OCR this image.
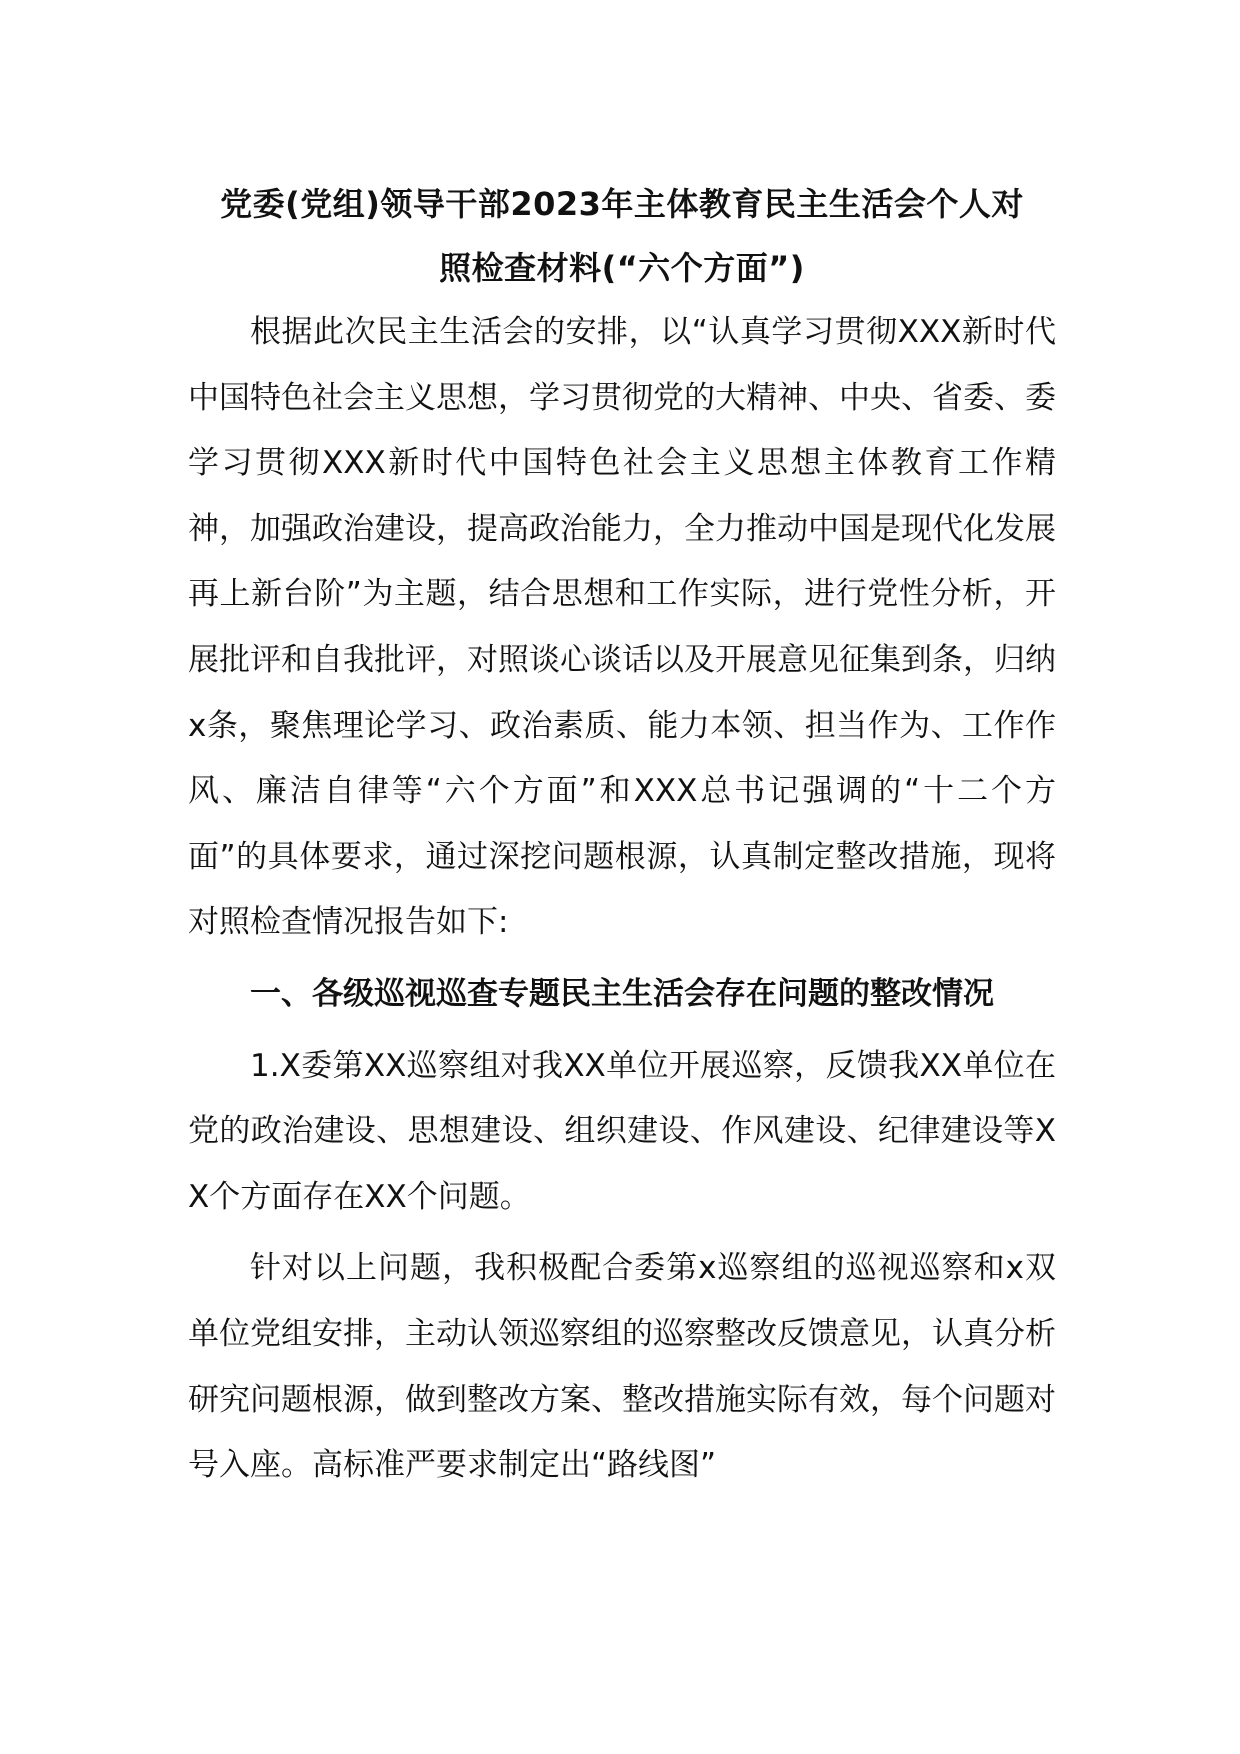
党委(党组)领导干部2023年主体教育民主生活会个人对

照检查材料(“六个方面”)

根据此次民主生活会的安排，以“认真学习贯彻XXX新时代中国特色社会主义思想，学习贯彻党的大精神、中央、省委、委学习贯彻XXX新时代中国特色社会主义思想主体教育工作精神，加强政治建设，提高政治能力，全力推动中国是现代化发展再上新台阶”为主题，结合思想和工作实际，进行党性分析，开展批评和自我批评，对照谈心谈话以及开展意见征集到条，归纳x条，聚焦理论学习、政治素质、能力本领、担当作为、工作作风、廉洁自律等“六个方面”和XXX总书记强调的“十二个方面”的具体要求，通过深挖问题根源，认真制定整改措施，现将对照检查情况报告如下:

一、各级巡视巡查专题民主生活会存在问题的整改情况

1.X委第XX巡察组对我XX单位开展巡察，反馈我XX单位在党的政治建设、思想建设、组织建设、作风建设、纪律建设等XX个方面存在XX个问题。

针对以上问题，我积极配合委第x巡察组的巡视巡察和x双单位党组安排，主动认领巡察组的巡察整改反馈意见，认真分析研究问题根源，做到整改方案、整改措施实际有效，每个问题对号入座。高标准严要求制定出“路线图”
